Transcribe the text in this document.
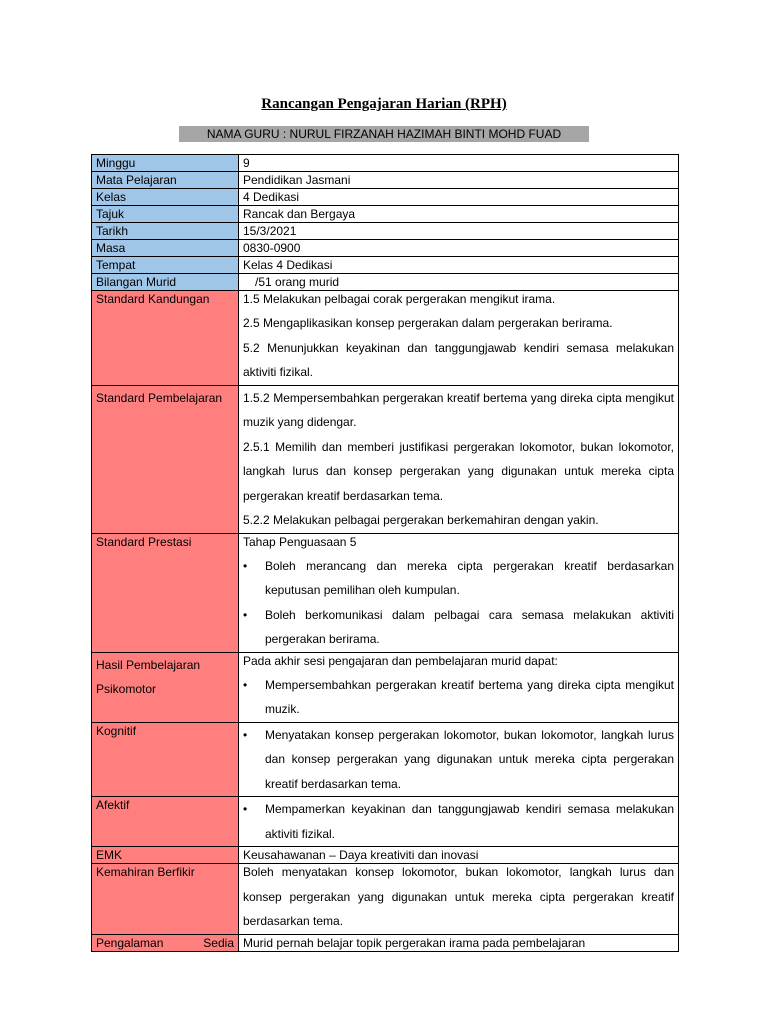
Rancangan Pengajaran Harian (RPH)
NAMA GURU : NURUL FIRZANAH HAZIMAH BINTI MOHD FUAD
Minggu	9
Mata Pelajaran	Pendidikan Jasmani
Kelas	4 Dedikasi
Tajuk	Rancak dan Bergaya
Tarikh	15/3/2021
Masa	0830-0900
Tempat	Kelas 4 Dedikasi
Bilangan Murid	/51 orang murid
Standard Kandungan	1.5 Melakukan pelbagai corak pergerakan mengikut irama.

2.5 Mengaplikasikan konsep pergerakan dalam pergerakan berirama.

5.2 Menunjukkan keyakinan dan tanggungjawab kendiri semasa melakukan aktiviti fizikal.

Standard Pembelajaran	1.5.2 Mempersembahkan pergerakan kreatif bertema yang direka cipta mengikut muzik yang didengar.

2.5.1 Memilih dan memberi justifikasi pergerakan lokomotor, bukan lokomotor, langkah lurus dan konsep pergerakan yang digunakan untuk mereka cipta pergerakan kreatif berdasarkan tema.

5.2.2 Melakukan pelbagai pergerakan berkemahiran dengan yakin.

Standard Prestasi	Tahap Penguasaan 5

• Boleh merancang dan mereka cipta pergerakan kreatif berdasarkan keputusan pemilihan oleh kumpulan.
• Boleh berkomunikasi dalam pelbagai cara semasa melakukan aktiviti pergerakan berirama.

Hasil Pembelajaran Psikomotor	Pada akhir sesi pengajaran dan pembelajaran murid dapat:

• Mempersembahkan pergerakan kreatif bertema yang direka cipta mengikut muzik.

Kognitif	• Menyatakan konsep pergerakan lokomotor, bukan lokomotor, langkah lurus dan konsep pergerakan yang digunakan untuk mereka cipta pergerakan kreatif berdasarkan tema.

Afektif	• Mempamerkan keyakinan dan tanggungjawab kendiri semasa melakukan aktiviti fizikal.

EMK	Keusahawanan – Daya kreativiti dan inovasi
Kemahiran Berfikir	Boleh menyatakan konsep lokomotor, bukan lokomotor, langkah lurus dan konsep pergerakan yang digunakan untuk mereka cipta pergerakan kreatif berdasarkan tema.

Pengalaman Sedia	Murid pernah belajar topik pergerakan irama pada pembelajaran
